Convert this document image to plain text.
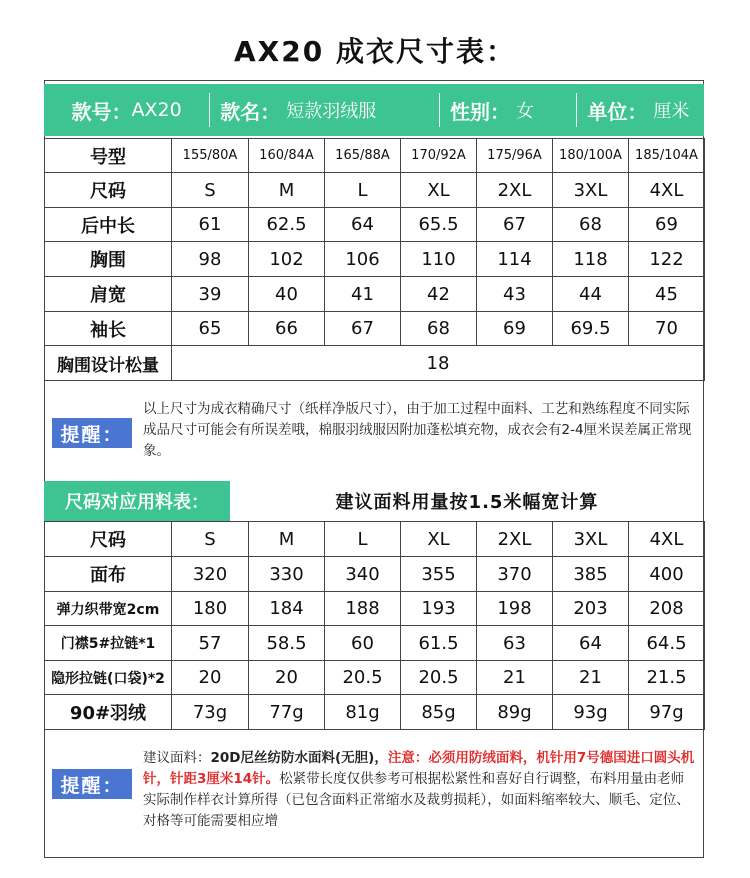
AX20 成衣尺寸表：
款号： AX20 款名： 短款羽绒服	性别： 女	单位： 厘米
号型	155/80A	160/84A	165/88A	170/92A	175/96A	180/100A	185/104A
尺码	S	M	L	XL	2XL	3XL	4XL
后中长	61	62.5	64	65.5	67	68	69
胸围	98	102	106	110	114	118	122
肩宽	39	40	41	42	43	44	45
袖长	65	66	67	68	69	69.5	70
胸围设计松量	18						
提醒：
以上尺寸为成衣精确尺寸（纸样净版尺寸），由于加工过程中面料、工艺和熟练程度不同实际成品尺寸可能会有所误差哦，棉服羽绒服因附加蓬松填充物，成衣会有2-4厘米误差属正常现象。
尺码对应用料表：	建议面料用量按1.5米幅宽计算
尺码	S	M	L	XL	2XL	3XL	4XL
面布	320	330	340	355	370	385	400
弹力织带宽2cm	180	184	188	193	198	203	208
门襟5#拉链*1	57	58.5	60	61.5	63	64	64.5
隐形拉链(口袋)*2	20	20	20.5	20.5	21	21	21.5
90#羽绒	73g	77g	81g	85g	89g	93g	97g
提醒：
建议面料：20D尼丝纺防水面料(无胆)，注意：必须用防绒面料，机针用7号德国进口圆头机针，针距3厘米14针。松紧带长度仅供参考可根据松紧性和喜好自行调整，布料用量由老师实际制作样衣计算所得（已包含面料正常缩水及裁剪损耗），如面料缩率较大、顺毛、定位、对格等可能需要相应增
